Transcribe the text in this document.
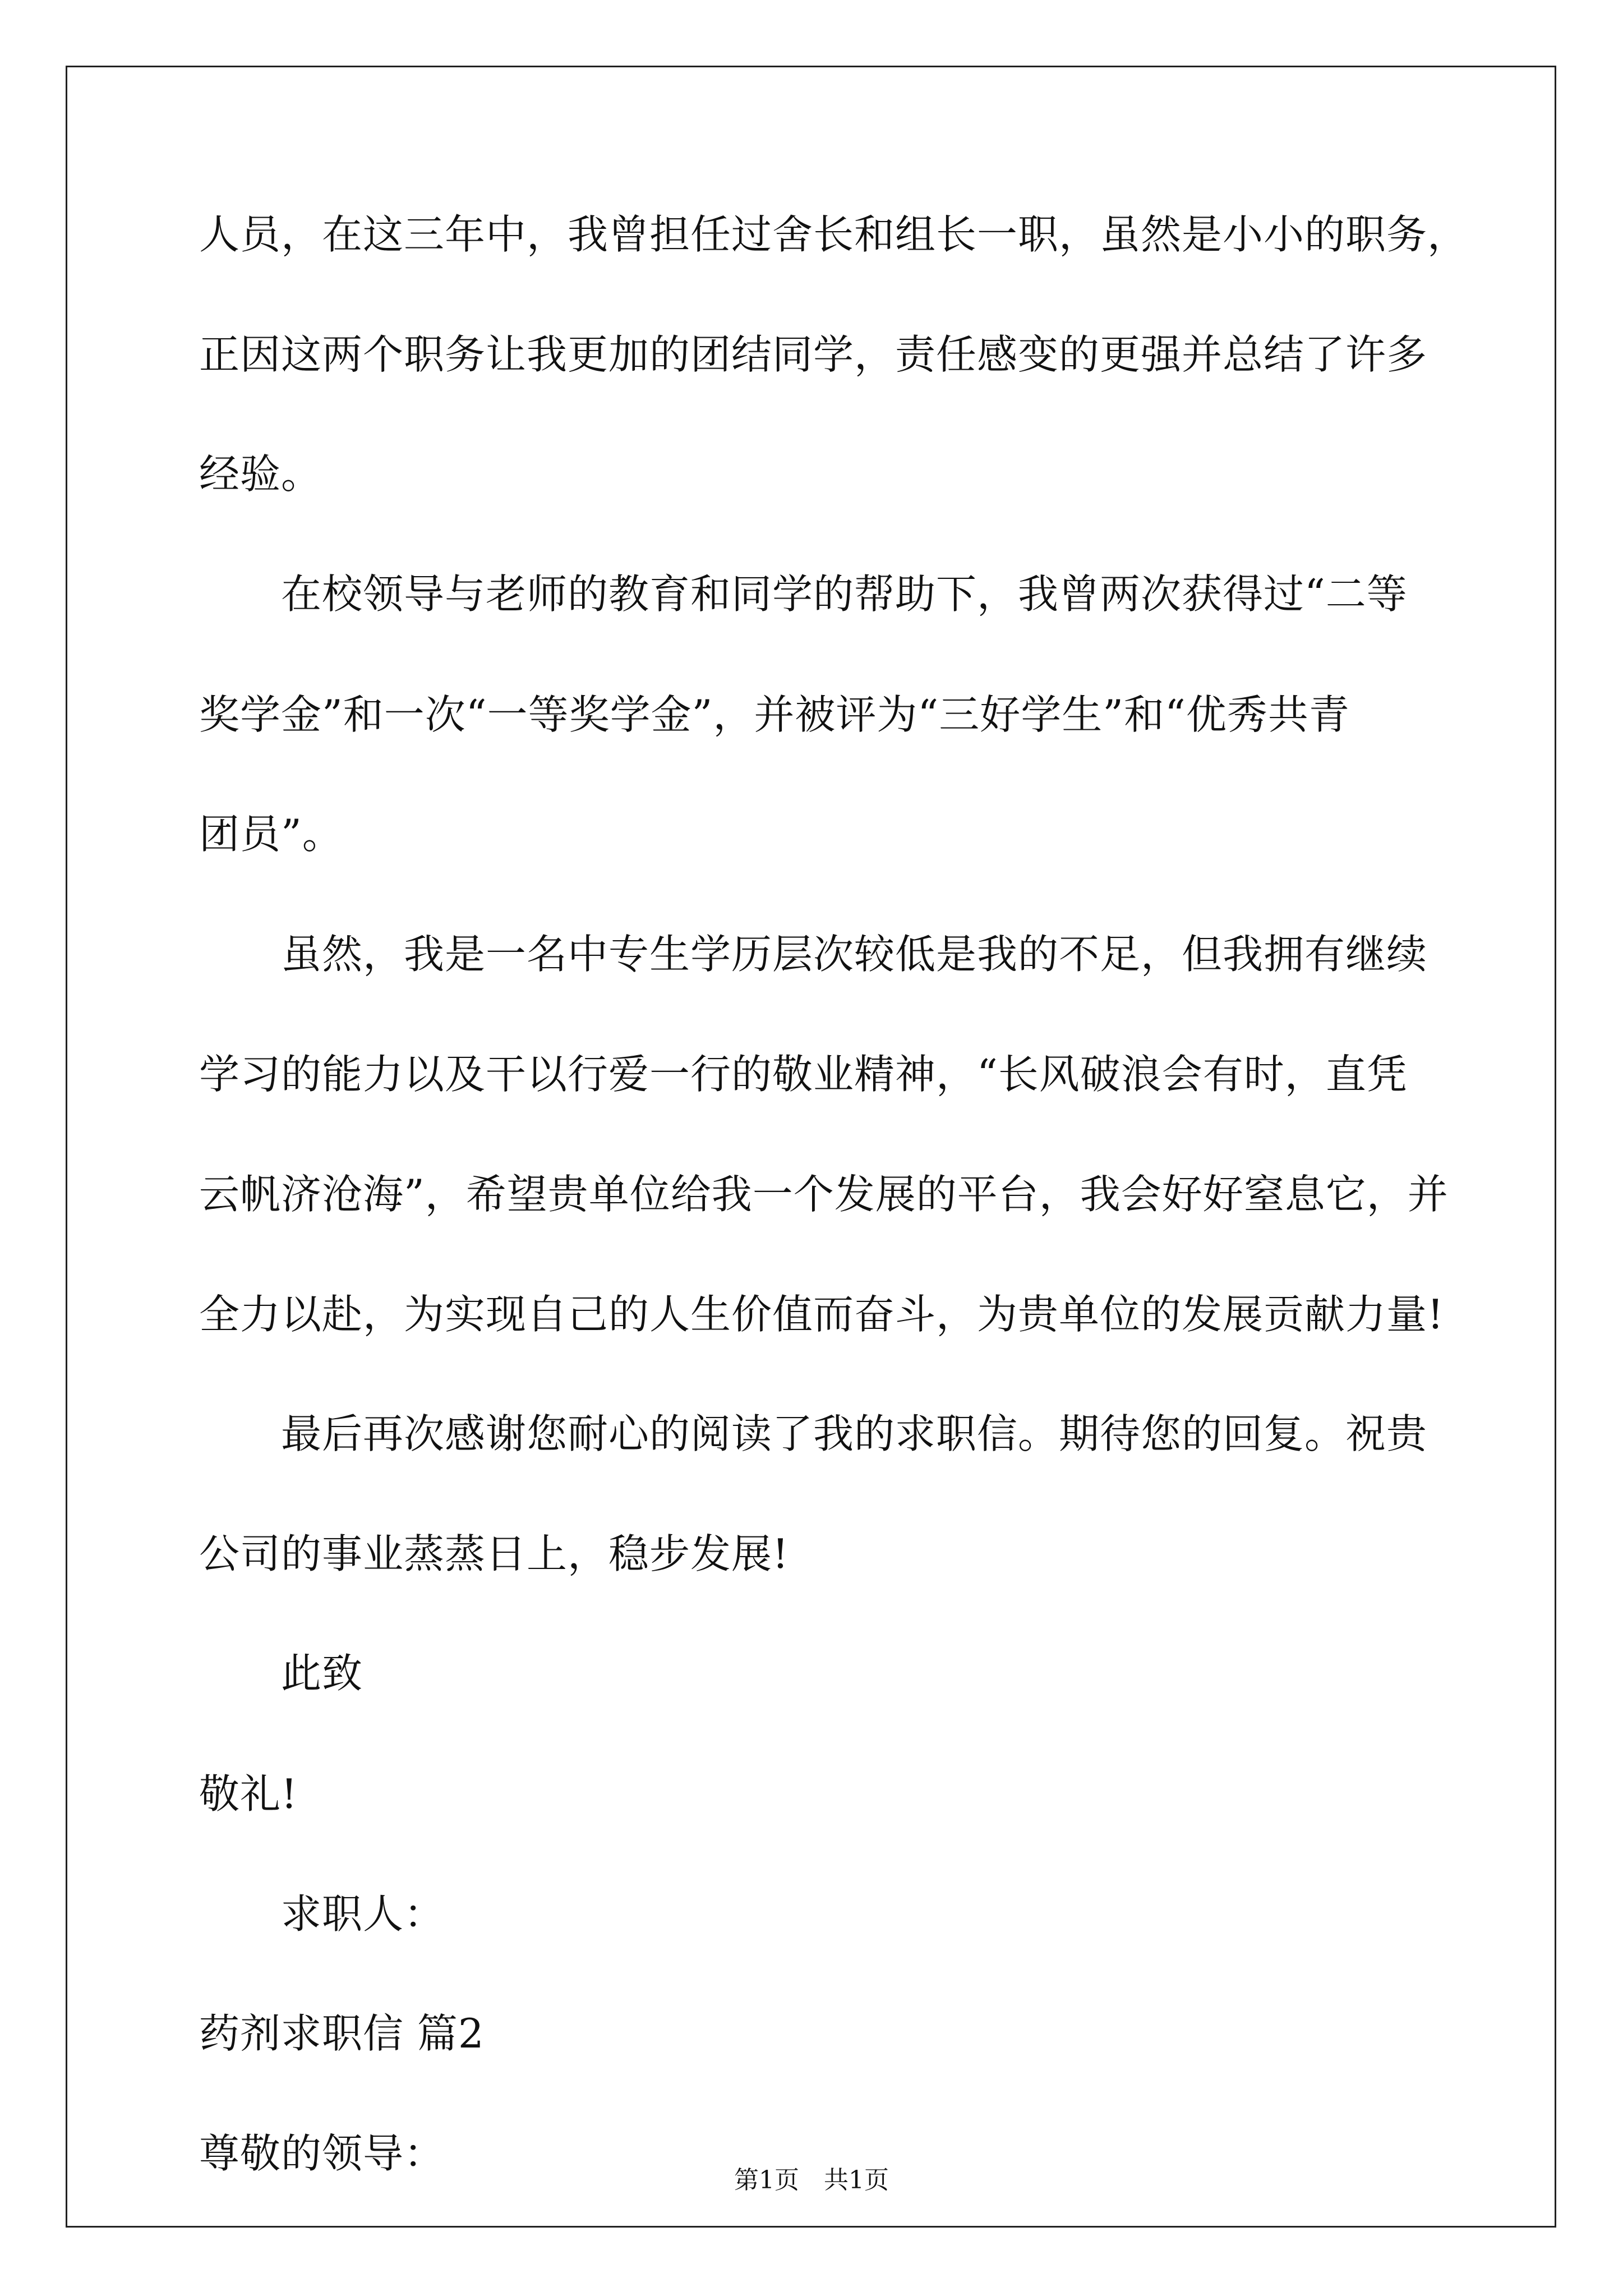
人员，在这三年中，我曾担任过舍长和组长一职，虽然是小小的职务，
正因这两个职务让我更加的团结同学，责任感变的更强并总结了许多
经验。
在校领导与老师的教育和同学的帮助下，我曾两次获得过“二等
奖学金”和一次“一等奖学金”，并被评为“三好学生”和“优秀共青
团员”。
虽然，我是一名中专生学历层次较低是我的不足，但我拥有继续
学习的能力以及干以行爱一行的敬业精神，“长风破浪会有时，直凭
云帆济沧海”，希望贵单位给我一个发展的平台，我会好好窒息它，并
全力以赴，为实现自己的人生价值而奋斗，为贵单位的发展贡献力量!
最后再次感谢您耐心的阅读了我的求职信。期待您的回复。祝贵
公司的事业蒸蒸日上，稳步发展!
此致
敬礼!
求职人：
药剂求职信 篇2
尊敬的领导：
第1页　共1页
